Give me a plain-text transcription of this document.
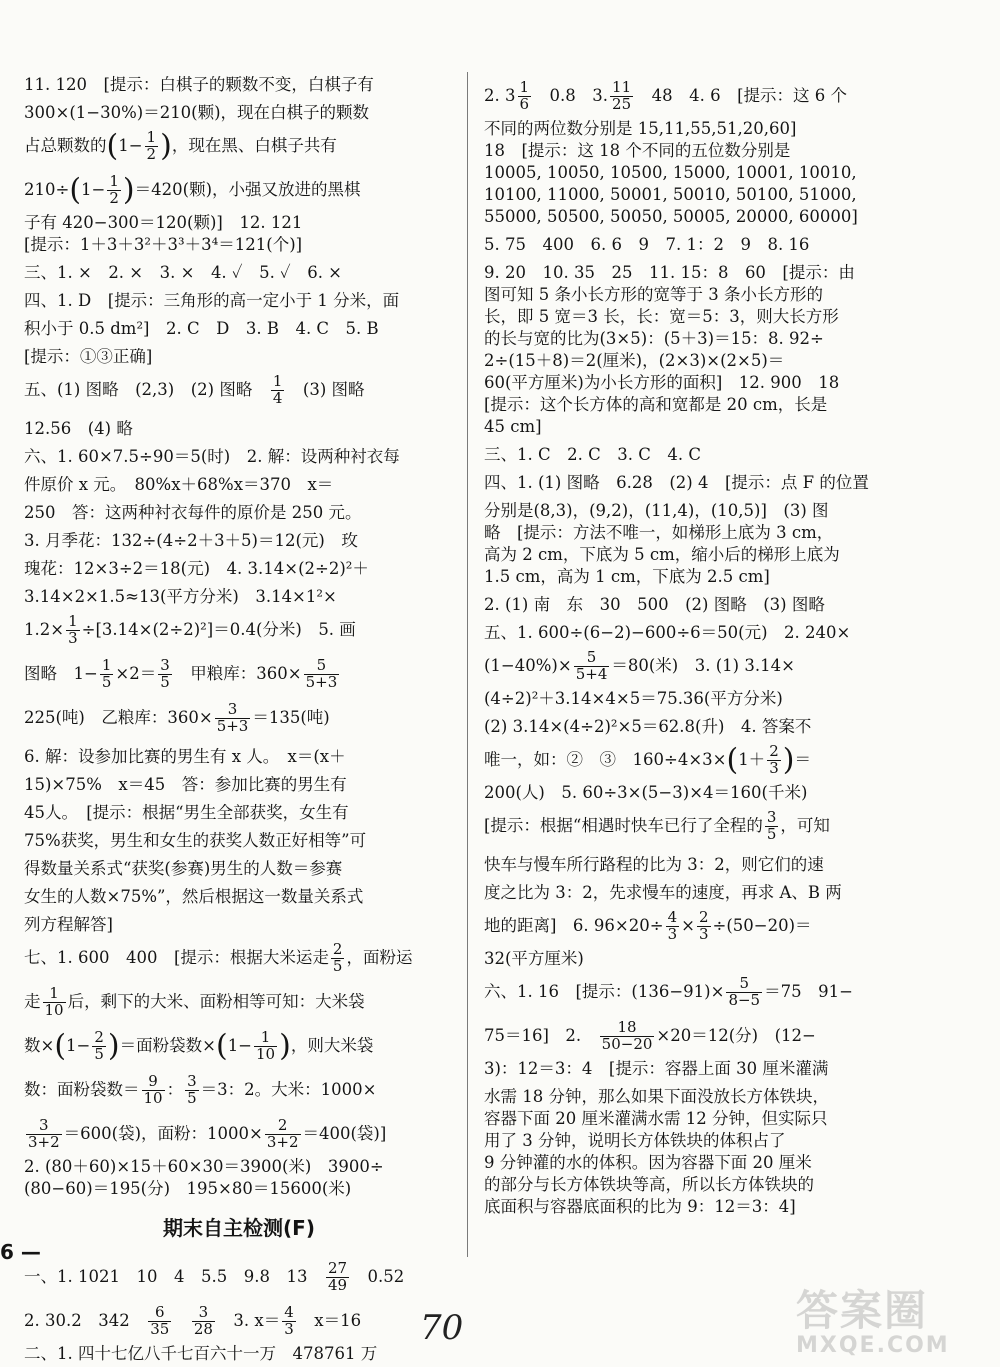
11. 120　[提示：白棋子的颗数不变，白棋子有
300×(1−30%)＝210(颗)，现在白棋子的颗数
占总颗数的($1- \frac{1}{2}$ )，现在黑、白棋子共有
$210\div(1- \frac{1}{2} )=420$(颗)，小强又放进的黑棋
子有 420−300＝120(颗)]　12. 121
[提示：1＋3＋3²＋3³＋3⁴＝121(个)]
三、1. ×　2. ×　3. ×　4. ✓　5. ✓　6. ×
四、1. D　[提示：三角形的高一定小于 1 分米，面
积小于 0.5 dm²]　2. C　D　3. B　4. C　5. B
[提示：①③正确]
五、(1) 图略　(2,3)　(2) 图略　 $\frac{1}{4}$
　 (3) 图略
12.56　(4) 略
六、1. 60×7.5÷90＝5(时)　2. 解：设两种衬衣每
件原价 x 元。　80%x＋68%x＝370　x＝
250　答：这两种衬衣每件的原价是 250 元。
3. 月季花：132÷(4÷2＋3＋5)＝12(元)　玫
瑰花：12×3÷2＝18(元)　4. 3.14×(2÷2)²＋
3.14×2×1.5≈13(平方分米)　3.14×1²×
$1.2\times \frac{1}{3} \div[3.14\times(2\div 2)^2]=0.4$(分米)　5. 画
图略　$1- \frac{1}{5} \times 2= \frac{3}{5}$ 　甲粮库：$360\times \frac{5}{5+3}$
225(吨)　乙粮库：$360\times \frac{3}{5+3} =135$(吨)
6. 解：设参加比赛的男生有 x 人。　x＝(x＋
15)×75%　x＝45　答：参加比赛的男生有
45人。　[提示：根据“男生全部获奖，女生有
75%获奖，男生和女生的获奖人数正好相等”可
得数量关系式“获奖(参赛)男生的人数＝参赛
女生的人数×75%”，然后根据这一数量关系式
列方程解答]
七、1. 600　400　[提示：根据大米运走 $\frac{2}{5}$ ，面粉运
走 $\frac{1}{10}$ 后，剩下的大米、面粉相等可知：大米袋
数$\times(1- \frac{2}{5}$ )＝面粉袋数$\times(1- \frac{1}{10}$ )，则大米袋
数：面粉袋数＝ $\frac{9}{10}$ ： $\frac{3}{5} =3$：2。大米：1000×
$\frac{3}{3+2} =600$(袋)，面粉：$1000\times \frac{2}{3+2} =400$(袋)]
2. (80＋60)×15＋60×30＝3900(米)　3900÷
(80−60)＝195(分)　195×80＝15600(米)
期末自主检测(F)
一、1. 1021　10　4　5.5　9.8　13　 $\frac{27}{49}$
　 0.52
2. 30.2　342　 $\frac{6}{35}$
　 $\frac{3}{28}$
　 3. $x= \frac{4}{3}$
　 x＝16
二、1. 四十七亿八千七百六十一万　478761 万
2. $3 \frac{1}{6}$
　 0.8　3. $\frac{11}{25}$
　 48　4. 6　[提示：这 6 个
不同的两位数分别是 15,11,55,51,20,60]
18　[提示：这 18 个不同的五位数分别是
10005, 10050, 10500, 15000, 10001, 10010,
10100, 11000, 50001, 50010, 50100, 51000,
55000, 50500, 50050, 50005, 20000, 60000]
5. 75　400　6. 6　9　7. 1：2　9　8. 16
9. 20　10. 35　25　11. 15：8　60　[提示：由
图可知 5 条小长方形的宽等于 3 条小长方形的
长，即 5 宽＝3 长，长：宽＝5：3，则大长方形
的长与宽的比为(3×5)：(5＋3)＝15：8. 92÷
2÷(15＋8)＝2(厘米)，(2×3)×(2×5)＝
60(平方厘米)为小长方形的面积]　12. 900　18
[提示：这个长方体的高和宽都是 20 cm，长是
45 cm]
三、1. C　2. C　3. C　4. C
四、1. (1) 图略　6.28　(2) 4　[提示：点 F 的位置
分别是(8,3)，(9,2)，(11,4)，(10,5)]　(3) 图
略　[提示：方法不唯一，如梯形上底为 3 cm，
高为 2 cm，下底为 5 cm，缩小后的梯形上底为
1.5 cm，高为 1 cm，下底为 2.5 cm]
2. (1) 南　东　30　500　(2) 图略　(3) 图略
五、1. 600÷(6−2)−600÷6＝50(元)　2. 240×
$(1-40\%)\times \frac{5}{5+4} =80$(米)　3. (1) 3.14×
(4÷2)²＋3.14×4×5＝75.36(平方分米)
(2) 3.14×(4÷2)²×5＝62.8(升)　4. 答案不
唯一，如：②　③　$160\div 4\times 3\times(1+ \frac{2}{3}$ )＝
200(人)　5. 60÷3×(5−3)×4＝160(千米)
[提示：根据“相遇时快车已行了全程的 $\frac{3}{5}$ ，可知
快车与慢车所行路程的比为 3：2，则它们的速
度之比为 3：2，先求慢车的速度，再求 A、B 两
地的距离]　6. $96\times 20\div \frac{4}{3} \times \frac{2}{3} \div(50-20)=$
32(平方厘米)
六、1. 16　[提示：$(136-91)\times \frac{5}{8-5} =75$　91−
75＝16]　2.　 $\frac{18}{50-20} \times 20=12$(分)　(12−
3)：12＝3：4　[提示：容器上面 30 厘米灌满
水需 18 分钟，那么如果下面没放长方体铁块，
容器下面 20 厘米灌满水需 12 分钟，但实际只
用了 3 分钟，说明长方体铁块的体积占了
9 分钟灌的水的体积。因为容器下面 20 厘米
的部分与长方体铁块等高，所以长方体铁块的
底面积与容器底面积的比为 9：12＝3：4]
6 —
70	答案圈
MXQE.COM
